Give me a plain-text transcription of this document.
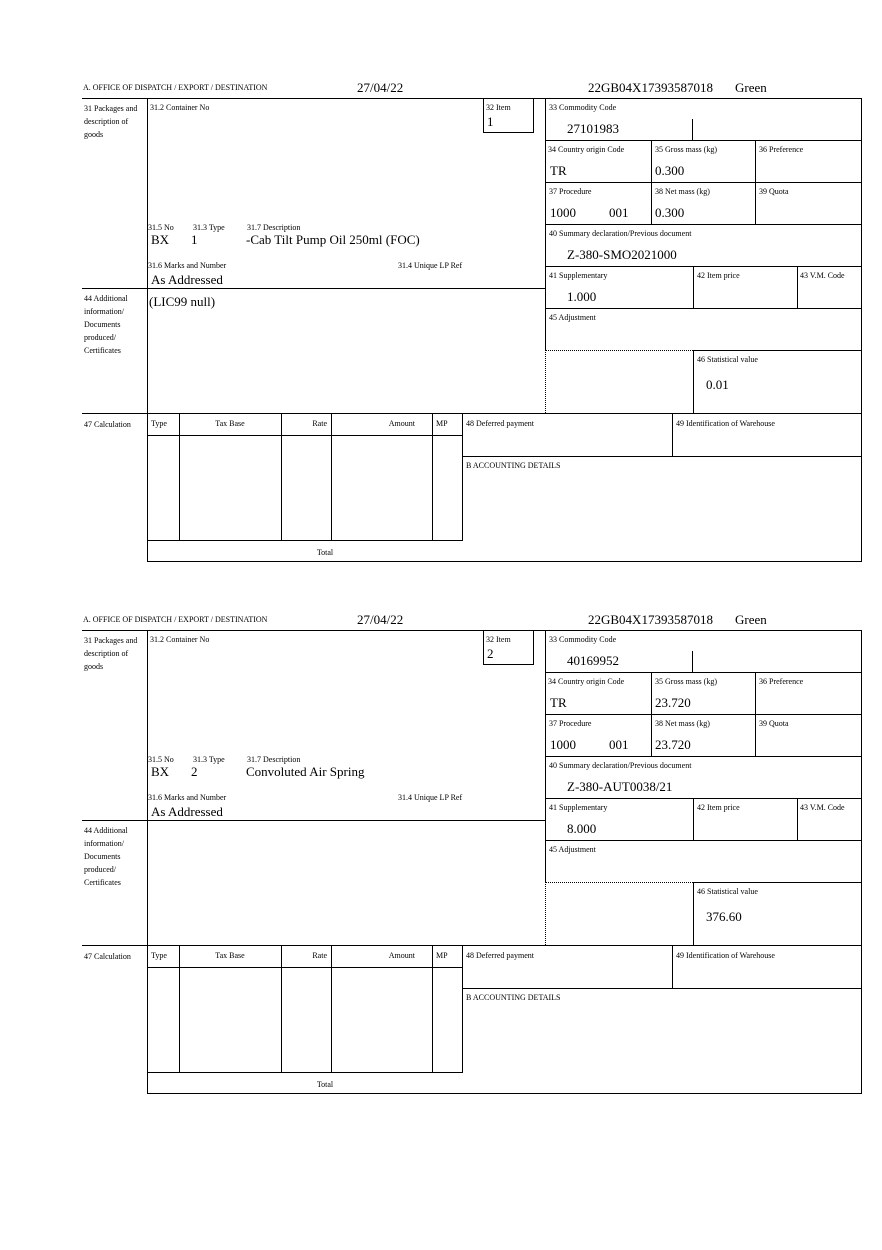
A. OFFICE OF DISPATCH / EXPORT / DESTINATION	27/04/22	22GB04X17393587018 Green
31 Packages and description of goods
31.2 Container No	32 Item
1
33 Commodity Code
27101983
34 Country origin Code
TR
35 Gross mass (kg)
0.300
36 Preference
37 Procedure
1000	001
38 Net mass (kg)
0.300
39 Quota
40 Summary declaration/Previous document
Z-380-SMO2021000
41 Supplementary
1.000
42 Item price	43 V.M. Code
45 Adjustment
46 Statistical value
0.01
31.5 No 31.3 Type	31.7 Description
BX 1	-Cab Tilt Pump Oil 250ml (FOC)
31.6 Marks and Number
As Addressed
31.4 Unique LP Ref
44 Additional information/ Documents produced/ Certificates
(LIC99 null)
47 Calculation	Type	Tax Base	Rate	Amount	MP
Total
48 Deferred payment	49 Identification of Warehouse
B ACCOUNTING DETAILS
A. OFFICE OF DISPATCH / EXPORT / DESTINATION	27/04/22	22GB04X17393587018 Green
31 Packages and description of goods
31.2 Container No	32 Item
2
33 Commodity Code
40169952
34 Country origin Code
TR
35 Gross mass (kg)
23.720
36 Preference
37 Procedure
1000	001
38 Net mass (kg)
23.720
39 Quota
40 Summary declaration/Previous document
Z-380-AUT0038/21
41 Supplementary
8.000
42 Item price	43 V.M. Code
45 Adjustment
46 Statistical value
376.60
31.5 No 31.3 Type	31.7 Description
BX 2	Convoluted Air Spring
31.6 Marks and Number
As Addressed
31.4 Unique LP Ref
44 Additional information/ Documents produced/ Certificates
47 Calculation	Type	Tax Base	Rate	Amount	MP
Total
48 Deferred payment	49 Identification of Warehouse
B ACCOUNTING DETAILS
